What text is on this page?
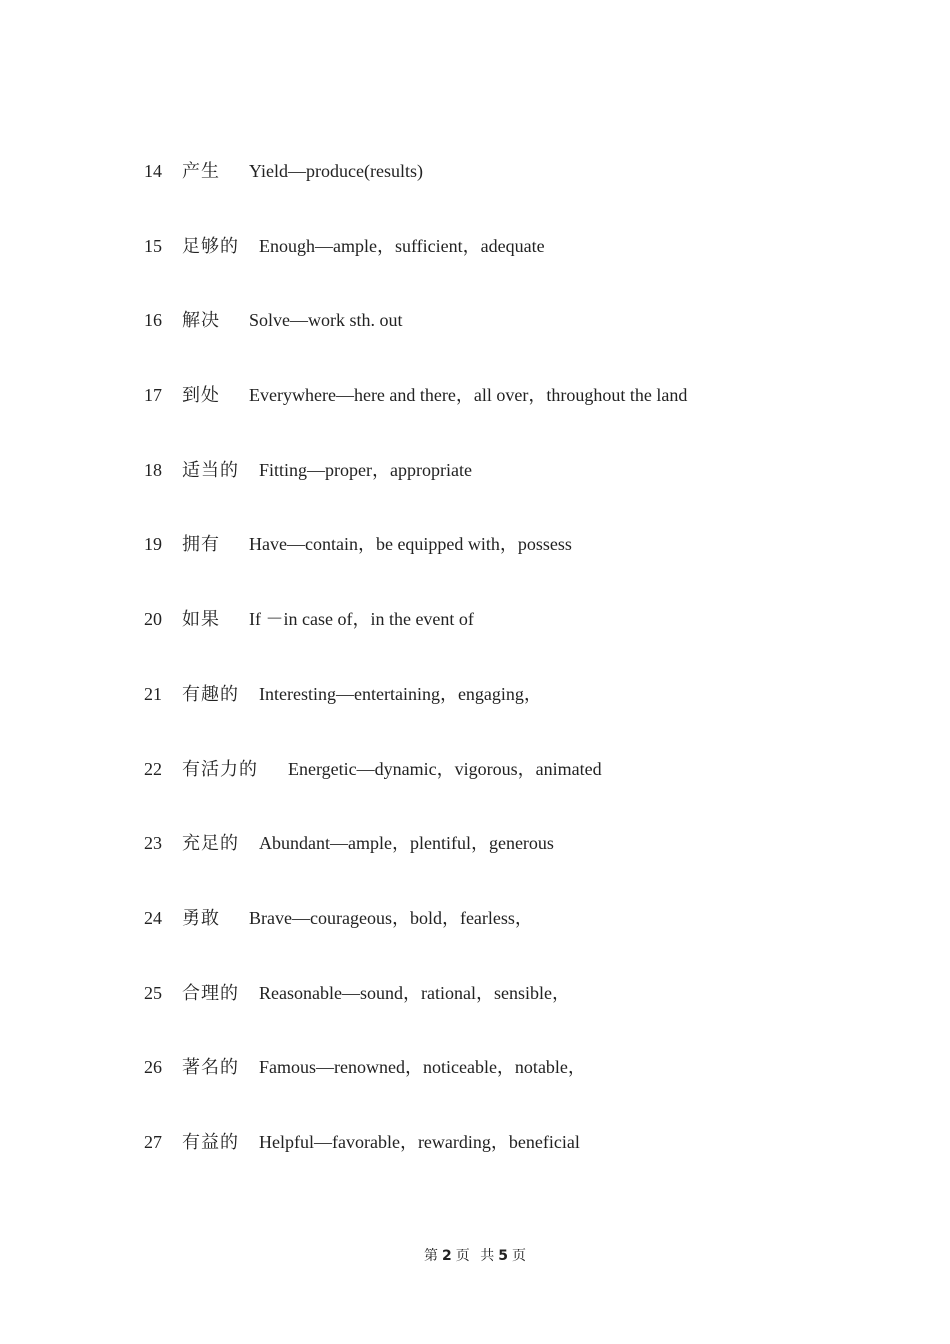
14	产生	Yield—produce(results)
15	足够的 Enough—ample，sufficient，adequate
16	解决	Solve—work sth. out
17	到处	Everywhere—here and there，all over，throughout the land
18	适当的 Fitting—proper，appropriate
19	拥有	Have—contain，be equipped with，possess
20	如果	If －in case of，in the event of
21	有趣的 Interesting—entertaining，engaging，
22	有活力的 Energetic—dynamic，vigorous，animated
23	充足的 Abundant—ample，plentiful，generous
24	勇敢	Brave—courageous，bold，fearless，
25	合理的 Reasonable—sound，rational，sensible，
26	著名的 Famous—renowned，noticeable，notable，
27	有益的 Helpful—favorable，rewarding，beneficial
第 2 页 共 5 页
